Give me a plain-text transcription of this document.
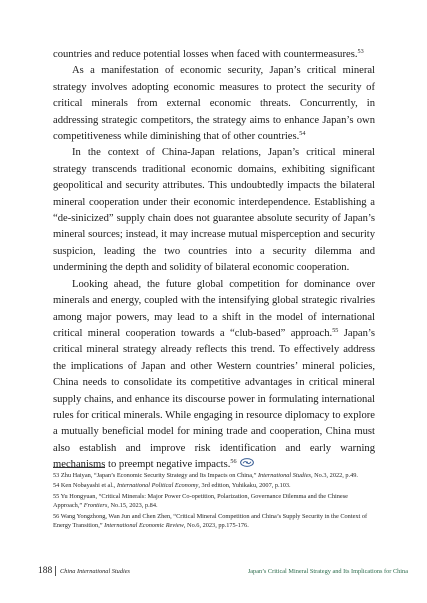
countries and reduce potential losses when faced with countermeasures.$^{53}$

As a manifestation of economic security, Japan’s critical mineral strategy involves adopting economic measures to protect the security of critical minerals from external economic threats. Concurrently, in addressing strategic competitors, the strategy aims to enhance Japan’s own competitiveness while diminishing that of other countries.$^{54}$

In the context of China-Japan relations, Japan’s critical mineral strategy transcends traditional economic domains, exhibiting significant geopolitical and security attributes. This undoubtedly impacts the bilateral mineral cooperation under their economic interdependence. Establishing a “de-sinicized” supply chain does not guarantee absolute security of Japan’s mineral sources; instead, it may increase mutual misperception and security suspicion, leading the two countries into a security dilemma and undermining the depth and solidity of bilateral economic cooperation.

Looking ahead, the future global competition for dominance over minerals and energy, coupled with the intensifying global strategic rivalries among major powers, may lead to a shift in the model of international critical mineral cooperation towards a “club-based” approach.$^{55}$ Japan’s critical mineral strategy already reflects this trend. To effectively address the implications of Japan and other Western countries’ mineral policies, China needs to consolidate its competitive advantages in critical mineral supply chains, and enhance its discourse power in formulating international rules for critical minerals. While engaging in resource diplomacy to explore a mutually beneficial model for mining trade and cooperation, China must also establish and improve risk identification and early warning mechanisms to preempt negative impacts.$^{56}$

53 Zhu Haiyan, “Japan’s Economic Security Strategy and Its Impacts on China,” International Studies, No.3, 2022, p.49.

54 Ken Nobayashi et al., International Political Economy, 3rd edition, Yuhikaku, 2007, p.103.

55 Yu Hongyuan, “Critical Minerals: Major Power Co-opetition, Polarization, Governance Dilemma and the Chinese Approach,” Frontiers, No.15, 2023, p.84.

56 Wang Yongzhong, Wan Jun and Chen Zhen, “Critical Mineral Competition and China’s Supply Security in the Context of Energy Transition,” International Economic Review, No.6, 2023, pp.175-176.

188 China International Studies	Japan’s Critical Mineral Strategy and Its Implications for China
